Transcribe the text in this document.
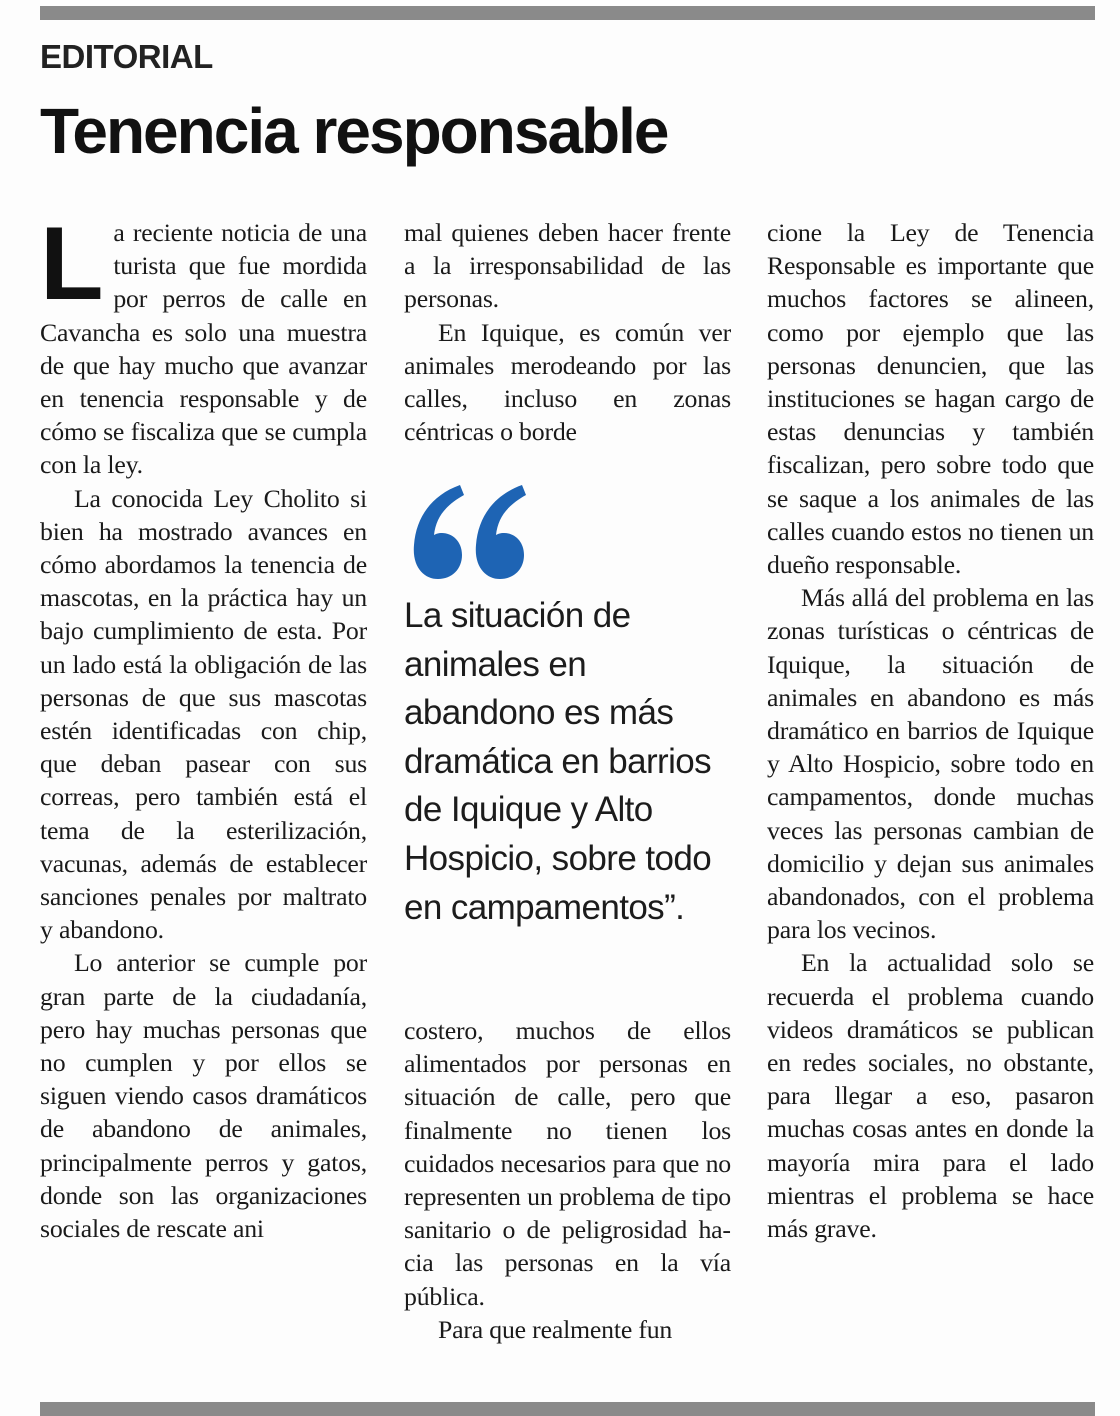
EDITORIAL
Tenencia responsable
L a reciente noticia de una turista que fue mordida por perros de calle en Cavancha es solo una muestra de que hay mucho que avanzar en tenencia responsable y de cómo se fiscaliza que se cumpla con la ley.

La conocida Ley Cholito si bien ha mostrado avances en cómo abordamos la tenencia de mascotas, en la práctica hay un bajo cumplimiento de esta. Por un lado está la obligación de las personas de que sus mascotas estén identificadas con chip, que deban pasear con sus correas, pero también está el tema de la esterilización, vacunas, además de establecer sanciones penales por maltrato y abandono.

Lo anterior se cumple por gran parte de la ciudadanía, pero hay muchas personas que no cumplen y por ellos se siguen viendo casos dramáticos de abandono de animales, principalmente perros y gatos, donde son las organizaciones sociales de rescate ani

mal quienes deben hacer frente a la irresponsabilidad de las personas.

En Iquique, es común ver animales merodeando por las calles, incluso en zonas céntricas o borde

La situación de animales en abandono es más dramática en barrios de Iquique y Alto Hospicio, sobre todo en campamentos”.

costero, muchos de ellos alimentados por personas en situación de calle, pero que finalmente no tienen los cuidados necesarios para que no representen un problema de tipo sanitario o de peligrosidad hacia las personas en la vía pública.

Para que realmente fun

cione la Ley de Tenencia Responsable es importante que muchos factores se alineen, como por ejemplo que las personas denuncien, que las instituciones se hagan cargo de estas denuncias y también fiscalizan, pero sobre todo que se saque a los animales de las calles cuando estos no tienen un dueño responsable.

Más allá del problema en las zonas turísticas o céntricas de Iquique, la situación de animales en abandono es más dramático en barrios de Iquique y Alto Hospicio, sobre todo en campamentos, donde muchas veces las personas cambian de domicilio y dejan sus animales abandonados, con el problema para los vecinos.

En la actualidad solo se recuerda el problema cuando videos dramáticos se publican en redes sociales, no obstante, para llegar a eso, pasaron muchas cosas antes en donde la mayoría mira para el lado mientras el problema se hace más grave.
